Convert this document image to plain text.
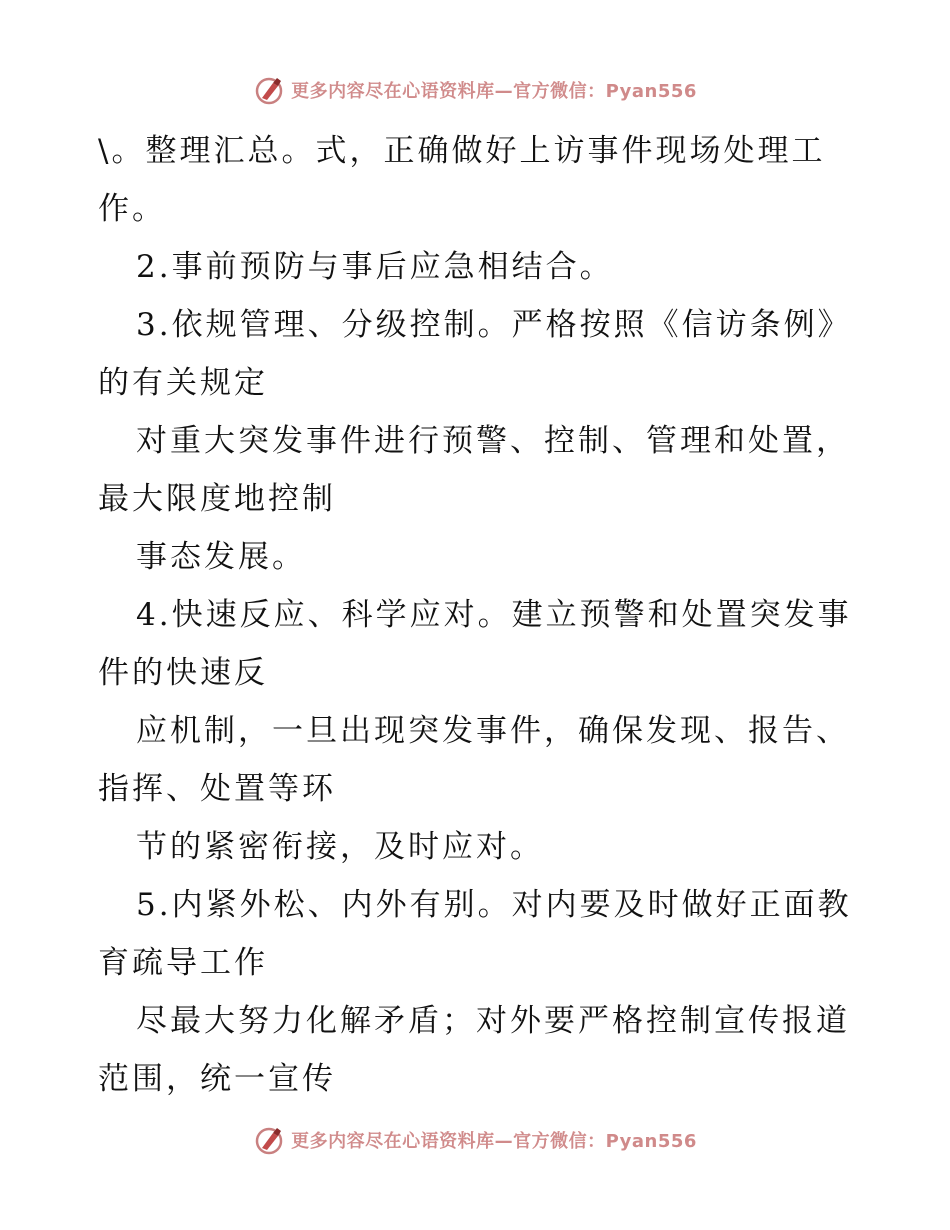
更多内容尽在心语资料库—官方微信：Pyan556

\。整理汇总。式，正确做好上访事件现场处理工

作。

2.事前预防与事后应急相结合。

3.依规管理、分级控制。严格按照《信访条例》

的有关规定

对重大突发事件进行预警、控制、管理和处置，

最大限度地控制

事态发展。

4.快速反应、科学应对。建立预警和处置突发事

件的快速反

应机制，一旦出现突发事件，确保发现、报告、

指挥、处置等环

节的紧密衔接，及时应对。

5.内紧外松、内外有别。对内要及时做好正面教

育疏导工作

尽最大努力化解矛盾；对外要严格控制宣传报道

范围，统一宣传

更多内容尽在心语资料库—官方微信：Pyan556
